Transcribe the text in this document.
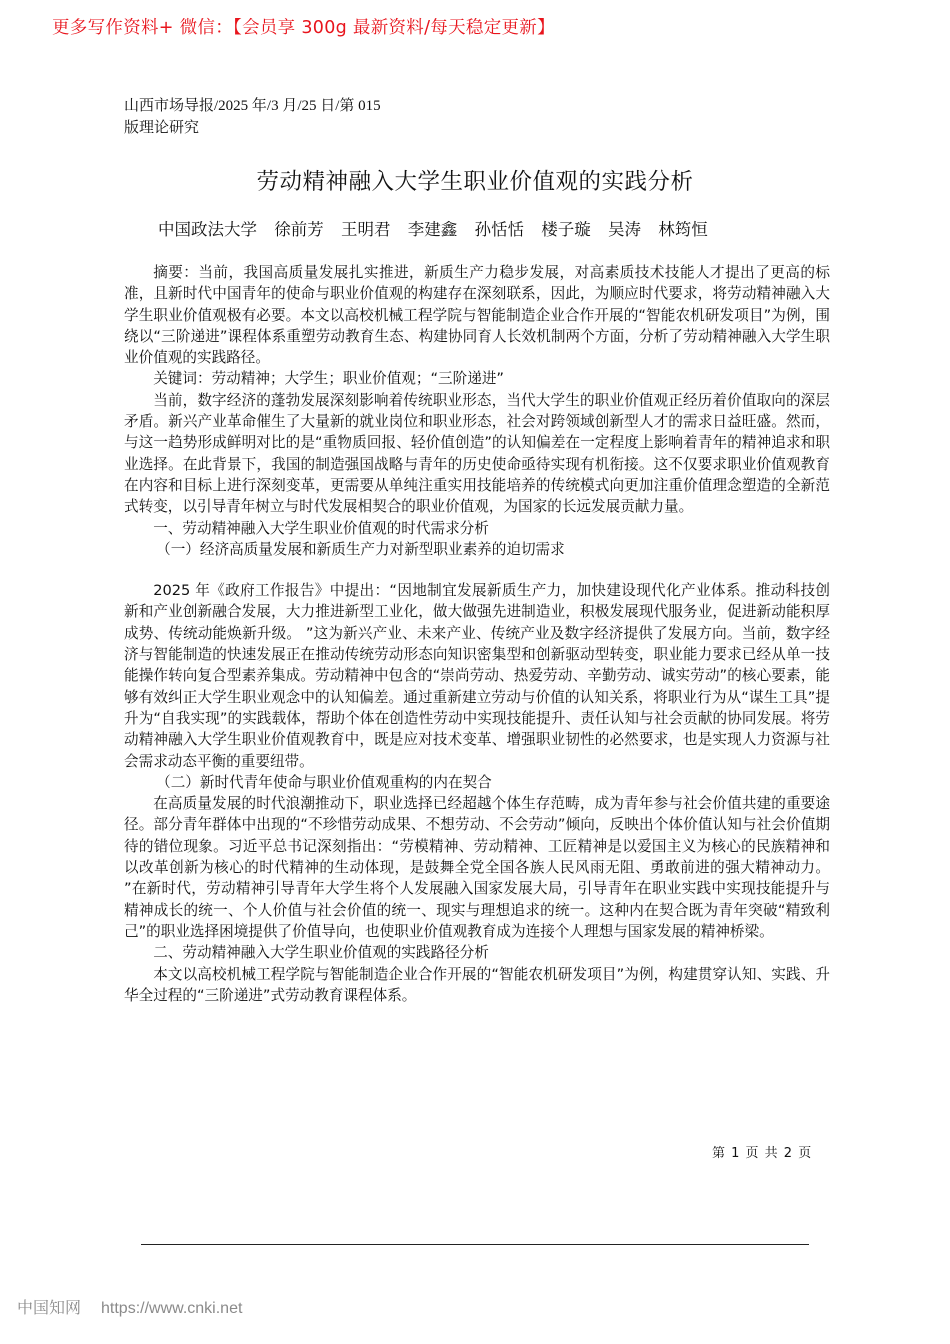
更多写作资料+ 微信：【会员享 300g 最新资料/每天稳定更新】
山西市场导报/2025 年/3 月/25 日/第 015
版理论研究
劳动精神融入大学生职业价值观的实践分析
中国政法大学 徐前芳 王明君 李建鑫 孙恬恬 楼子璇 吴涛 林筠恒

摘要：当前，我国高质量发展扎实推进，新质生产力稳步发展，对高素质技术技能人才提出了更高的标准，且新时代中国青年的使命与职业价值观的构建存在深刻联系，因此，为顺应时代要求，将劳动精神融入大学生职业价值观极有必要。本文以高校机械工程学院与智能制造企业合作开展的“智能农机研发项目”为例，围绕以“三阶递进”课程体系重塑劳动教育生态、构建协同育人长效机制两个方面，分析了劳动精神融入大学生职业价值观的实践路径。

关键词：劳动精神；大学生；职业价值观；“三阶递进”

当前，数字经济的蓬勃发展深刻影响着传统职业形态，当代大学生的职业价值观正经历着价值取向的深层矛盾。新兴产业革命催生了大量新的就业岗位和职业形态，社会对跨领域创新型人才的需求日益旺盛。然而，与这一趋势形成鲜明对比的是“重物质回报、轻价值创造”的认知偏差在一定程度上影响着青年的精神追求和职业选择。在此背景下，我国的制造强国战略与青年的历史使命亟待实现有机衔接。这不仅要求职业价值观教育在内容和目标上进行深刻变革，更需要从单纯注重实用技能培养的传统模式向更加注重价值理念塑造的全新范式转变，以引导青年树立与时代发展相契合的职业价值观，为国家的长远发展贡献力量。

一、劳动精神融入大学生职业价值观的时代需求分析

（一）经济高质量发展和新质生产力对新型职业素养的迫切需求

2025 年《政府工作报告》中提出：“因地制宜发展新质生产力，加快建设现代化产业体系。推动科技创新和产业创新融合发展，大力推进新型工业化，做大做强先进制造业，积极发展现代服务业，促进新动能积厚成势、传统动能焕新升级。 ”这为新兴产业、未来产业、传统产业及数字经济提供了发展方向。当前，数字经济与智能制造的快速发展正在推动传统劳动形态向知识密集型和创新驱动型转变，职业能力要求已经从单一技能操作转向复合型素养集成。劳动精神中包含的“崇尚劳动、热爱劳动、辛勤劳动、诚实劳动”的核心要素，能够有效纠正大学生职业观念中的认知偏差。通过重新建立劳动与价值的认知关系，将职业行为从“谋生工具”提升为“自我实现”的实践载体，帮助个体在创造性劳动中实现技能提升、责任认知与社会贡献的协同发展。将劳动精神融入大学生职业价值观教育中，既是应对技术变革、增强职业韧性的必然要求，也是实现人力资源与社会需求动态平衡的重要纽带。

（二）新时代青年使命与职业价值观重构的内在契合

在高质量发展的时代浪潮推动下，职业选择已经超越个体生存范畴，成为青年参与社会价值共建的重要途径。部分青年群体中出现的“不珍惜劳动成果、不想劳动、不会劳动”倾向，反映出个体价值认知与社会价值期待的错位现象。习近平总书记深刻指出：“劳模精神、劳动精神、工匠精神是以爱国主义为核心的民族精神和以改革创新为核心的时代精神的生动体现，是鼓舞全党全国各族人民风雨无阻、勇敢前进的强大精神动力。 ”在新时代，劳动精神引导青年大学生将个人发展融入国家发展大局，引导青年在职业实践中实现技能提升与精神成长的统一、个人价值与社会价值的统一、现实与理想追求的统一。这种内在契合既为青年突破“精致利己”的职业选择困境提供了价值导向，也使职业价值观教育成为连接个人理想与国家发展的精神桥梁。

二、劳动精神融入大学生职业价值观的实践路径分析

本文以高校机械工程学院与智能制造企业合作开展的“智能农机研发项目”为例，构建贯穿认知、实践、升华全过程的“三阶递进”式劳动教育课程体系。

第 1 页 共 2 页
中国知网 https://www.cnki.net
